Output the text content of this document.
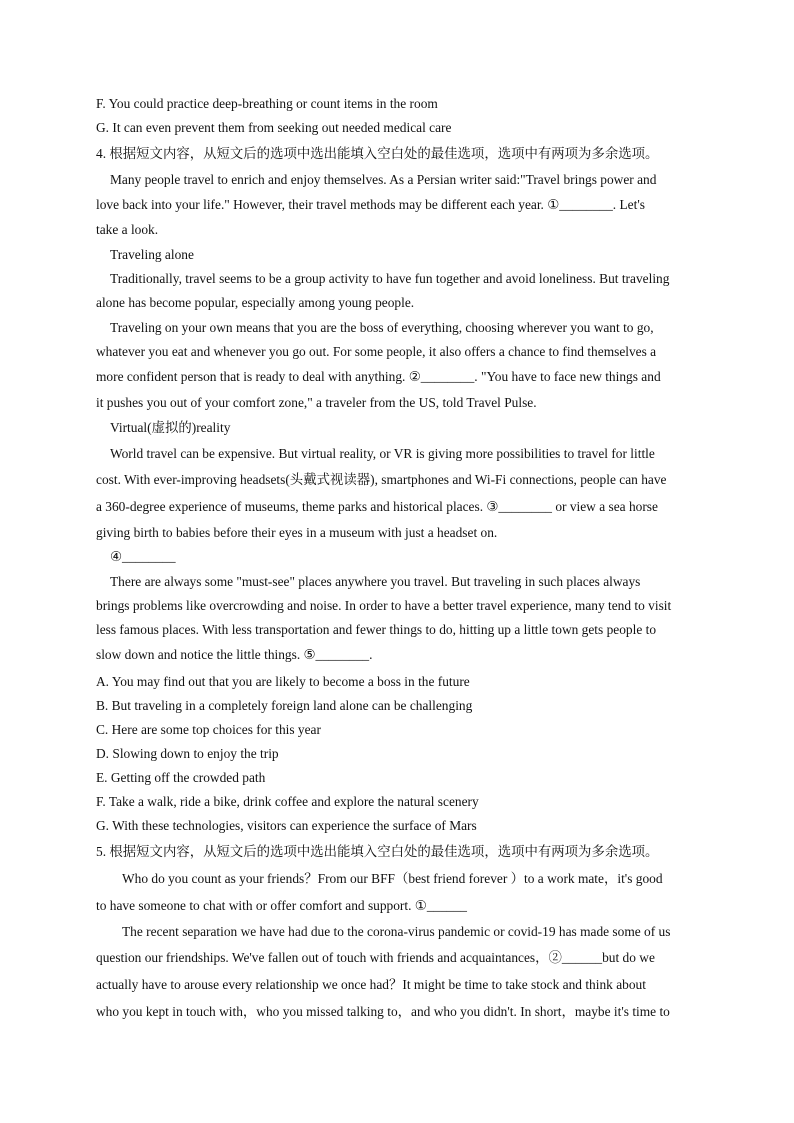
F. You could practice deep-breathing or count items in the room
G. It can even prevent them from seeking out needed medical care
4. 根据短文内容，从短文后的选项中选出能填入空白处的最佳选项，选项中有两项为多余选项。
Many people travel to enrich and enjoy themselves. As a Persian writer said:"Travel brings power and
love back into your life." However, their travel methods may be different each year. ①________. Let's
take a look.
Traveling alone
Traditionally, travel seems to be a group activity to have fun together and avoid loneliness. But traveling
alone has become popular, especially among young people.
Traveling on your own means that you are the boss of everything, choosing wherever you want to go,
whatever you eat and whenever you go out. For some people, it also offers a chance to find themselves a
more confident person that is ready to deal with anything. ②________. "You have to face new things and
it pushes you out of your comfort zone," a traveler from the US, told Travel Pulse.
Virtual(虚拟的)reality
World travel can be expensive. But virtual reality, or VR is giving more possibilities to travel for little
cost. With ever-improving headsets(头戴式视读器), smartphones and Wi-Fi connections, people can have
a 360-degree experience of museums, theme parks and historical places. ③________ or view a sea horse
giving birth to babies before their eyes in a museum with just a headset on.
④________
There are always some "must-see" places anywhere you travel. But traveling in such places always
brings problems like overcrowding and noise. In order to have a better travel experience, many tend to visit
less famous places. With less transportation and fewer things to do, hitting up a little town gets people to
slow down and notice the little things. ⑤________.
A. You may find out that you are likely to become a boss in the future
B. But traveling in a completely foreign land alone can be challenging
C. Here are some top choices for this year
D. Slowing down to enjoy the trip
E. Getting off the crowded path
F. Take a walk, ride a bike, drink coffee and explore the natural scenery
G. With these technologies, visitors can experience the surface of Mars
5. 根据短文内容，从短文后的选项中选出能填入空白处的最佳选项，选项中有两项为多余选项。
Who do you count as your friends？From our BFF（best friend forever ）to a work mate，it's good
to have someone to chat with or offer comfort and support. ①______
The recent separation we have had due to the corona-virus pandemic or covid-19 has made some of us
question our friendships. We've fallen out of touch with friends and acquaintances，②______but do we
actually have to arouse every relationship we once had？It might be time to take stock and think about
who you kept in touch with，who you missed talking to，and who you didn't. In short，maybe it's time to
